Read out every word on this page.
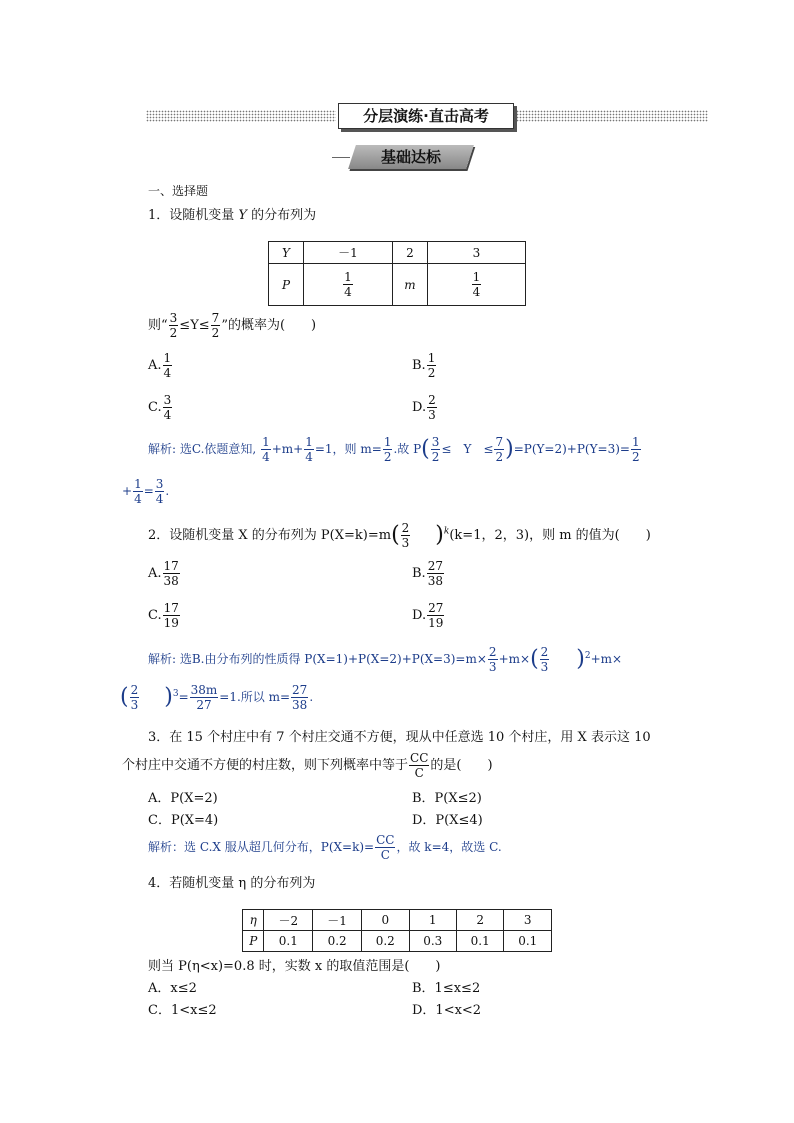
分层演练·直击高考
基础达标
一、选择题
1．设随机变量 Y 的分布列为
Y	－1	2	3
P	$\frac{1}{4}$	m	$\frac{1}{4}$
则“ $\frac{3}{2} \le Y\le \frac{7}{2}$ ”的概率为(　　)
A. $\frac{1}{4}$	B. $\frac{1}{2}$
C. $\frac{3}{4}$	D. $\frac{2}{3}$
解析: 选C.依题意知, $\frac{1}{4} +m+ \frac{1}{4} =1$，则 $m= \frac{1}{2}$ .故 $P( \frac{3}{2}$ ≤　Y　≤ $\frac{7}{2} )=P(Y=2)+P(Y=3)= \frac{1}{2}$
+ $\frac{1}{4} = \frac{3}{4}$ .
2．设随机变量 X 的分布列为 $P(X=k)=m( \frac{2}{3} )^k(k=1$，2，3)，则 m 的值为(　　)
A. $\frac{17}{38}$	B. $\frac{27}{38}$
C. $\frac{17}{19}$	D. $\frac{27}{19}$
解析: 选B.由分布列的性质得 $P(X=1)+P(X=2)+P(X=3)=m\times \frac{2}{3} +m\times( \frac{2}{3} )^2+m\times$
( $\frac{2}{3} )^3= \frac{38m}{27} =1$.所以 $m= \frac{27}{38}$ .
3．在 15 个村庄中有 7 个村庄交通不方便，现从中任意选 10 个村庄，用 X 表示这 10
个村庄中交通不方便的村庄数，则下列概率中等于 $\frac{CC}{C}$ 的是(　　)
A．P(X=2)	B．P(X≤2)
C．P(X=4)	D．P(X≤4)
解析：选 C.X 服从超几何分布，$P(X=k)= \frac{CC}{C}$ ，故 k=4，故选 C.
4．若随机变量 η 的分布列为
η	－2	－1	0	1	2	3
P	0.1	0.2	0.2	0.3	0.1	0.1
则当 P(η<x)=0.8 时，实数 x 的取值范围是(　　)
A．x≤2	B．1≤x≤2
C．1<x≤2	D．1<x<2
